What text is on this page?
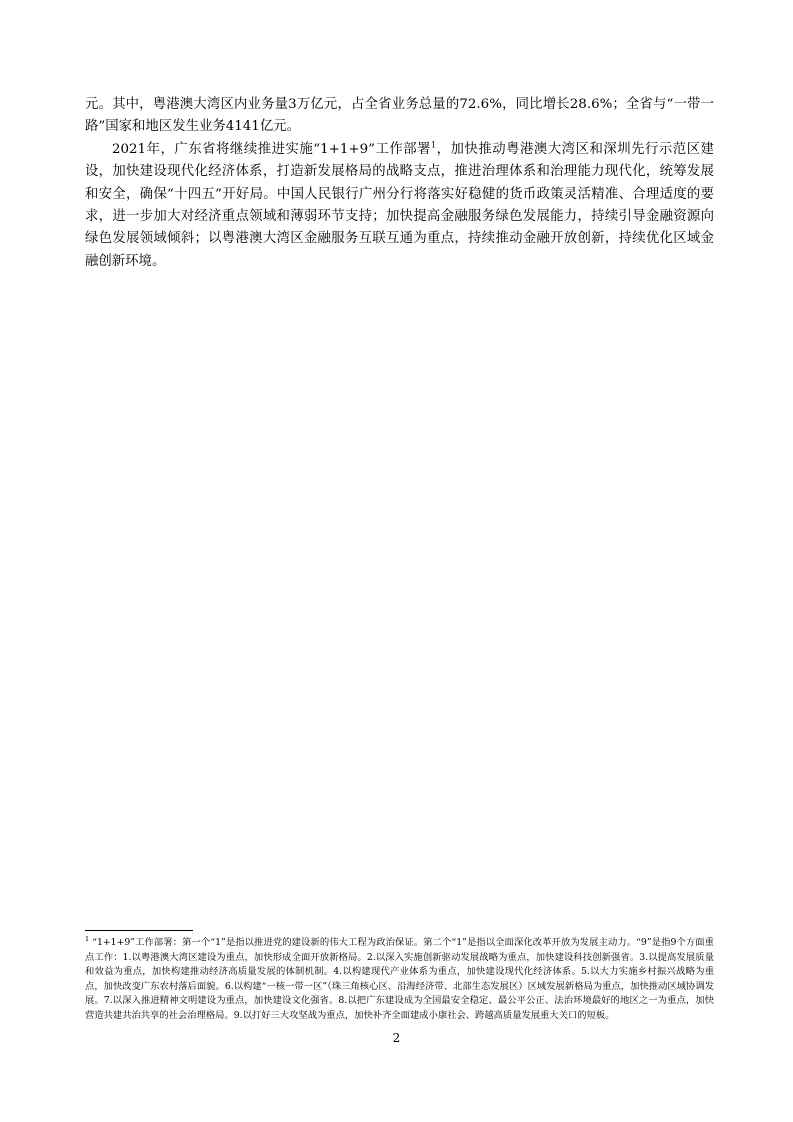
元。其中，粤港澳大湾区内业务量3万亿元，占全省业务总量的72.6%，同比增长28.6%；全省与“一带一路”国家和地区发生业务4141亿元。

2021年，广东省将继续推进实施“1+1+9”工作部署$^1$，加快推动粤港澳大湾区和深圳先行示范区建设，加快建设现代化经济体系，打造新发展格局的战略支点，推进治理体系和治理能力现代化，统筹发展和安全，确保“十四五”开好局。中国人民银行广州分行将落实好稳健的货币政策灵活精准、合理适度的要求，进一步加大对经济重点领域和薄弱环节支持；加快提高金融服务绿色发展能力，持续引导金融资源向绿色发展领域倾斜；以粤港澳大湾区金融服务互联互通为重点，持续推动金融开放创新，持续优化区域金融创新环境。

$^1$ “1+1+9”工作部署：第一个“1”是指以推进党的建设新的伟大工程为政治保证。第二个“1”是指以全面深化改革开放为发展主动力。“9”是指9个方面重点工作：1.以粤港澳大湾区建设为重点，加快形成全面开放新格局。2.以深入实施创新驱动发展战略为重点，加快建设科技创新强省。3.以提高发展质量和效益为重点，加快构建推动经济高质量发展的体制机制。4.以构建现代产业体系为重点，加快建设现代化经济体系。5.以大力实施乡村振兴战略为重点，加快改变广东农村落后面貌。6.以构建“一核一带一区”（珠三角核心区、沿海经济带、北部生态发展区）区域发展新格局为重点，加快推动区域协调发展。7.以深入推进精神文明建设为重点，加快建设文化强省。8.以把广东建设成为全国最安全稳定、最公平公正、法治环境最好的地区之一为重点，加快营造共建共治共享的社会治理格局。9.以打好三大攻坚战为重点，加快补齐全面建成小康社会、跨越高质量发展重大关口的短板。
2
